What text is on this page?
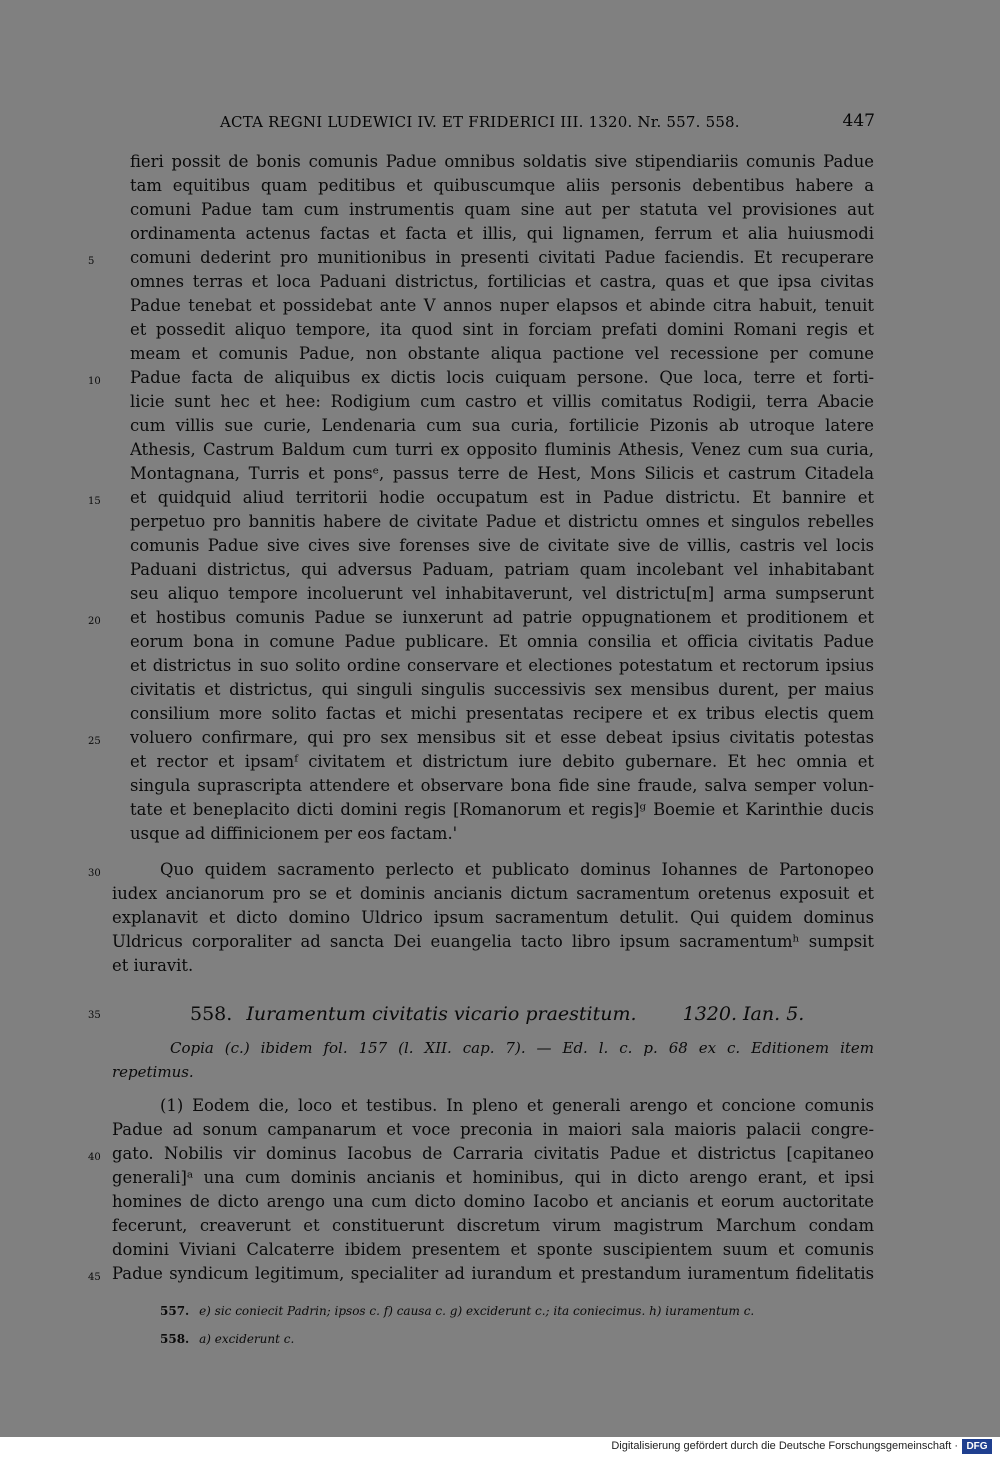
ACTA REGNI LUDEWICI IV. ET FRIDERICI III. 1320. Nr. 557. 558.	447
fieri possit de bonis comunis Padue omnibus soldatis sive stipendiariis comunis Padue
tam equitibus quam peditibus et quibuscumque aliis personis debentibus habere a
comuni Padue tam cum instrumentis quam sine aut per statuta vel provisiones aut
ordinamenta actenus factas et facta et illis, qui lignamen, ferrum et alia huiusmodi
comuni dederint pro munitionibus in presenti civitati Padue faciendis. Et recuperare
omnes terras et loca Paduani districtus, fortilicias et castra, quas et que ipsa civitas
Padue tenebat et possidebat ante V annos nuper elapsos et abinde citra habuit, tenuit
et possedit aliquo tempore, ita quod sint in forciam prefati domini Romani regis et
meam et comunis Padue, non obstante aliqua pactione vel recessione per comune
Padue facta de aliquibus ex dictis locis cuiquam persone. Que loca, terre et forti-
licie sunt hec et hee: Rodigium cum castro et villis comitatus Rodigii, terra Abacie
cum villis sue curie, Lendenaria cum sua curia, fortilicie Pizonis ab utroque latere
Athesis, Castrum Baldum cum turri ex opposito fluminis Athesis, Venez cum sua curia,
Montagnana, Turris et ponsᵉ, passus terre de Hest, Mons Silicis et castrum Citadela
et quidquid aliud territorii hodie occupatum est in Padue districtu. Et bannire et
perpetuo pro bannitis habere de civitate Padue et districtu omnes et singulos rebelles
comunis Padue sive cives sive forenses sive de civitate sive de villis, castris vel locis
Paduani districtus, qui adversus Paduam, patriam quam incolebant vel inhabitabant
seu aliquo tempore incoluerunt vel inhabitaverunt, vel districtu[m] arma sumpserunt
et hostibus comunis Padue se iunxerunt ad patrie oppugnationem et proditionem et
eorum bona in comune Padue publicare. Et omnia consilia et officia civitatis Padue
et districtus in suo solito ordine conservare et electiones potestatum et rectorum ipsius
civitatis et districtus, qui singuli singulis successivis sex mensibus durent, per maius
consilium more solito factas et michi presentatas recipere et ex tribus electis quem
voluero confirmare, qui pro sex mensibus sit et esse debeat ipsius civitatis potestas
et rector et ipsamᶠ civitatem et districtum iure debito gubernare. Et hec omnia et
singula suprascripta attendere et observare bona fide sine fraude, salva semper volun-
tate et beneplacito dicti domini regis [Romanorum et regis]ᵍ Boemie et Karinthie ducis
usque ad diffinicionem per eos factam.'
Quo quidem sacramento perlecto et publicato dominus Iohannes de Partonopeo
iudex ancianorum pro se et dominis ancianis dictum sacramentum oretenus exposuit et
explanavit et dicto domino Uldrico ipsum sacramentum detulit. Qui quidem dominus
Uldricus corporaliter ad sancta Dei euangelia tacto libro ipsum sacramentumʰ sumpsit
et iuravit.
558. Iuramentum civitatis vicario praestitum. 1320. Ian. 5.
Copia (c.) ibidem fol. 157 (l. XII. cap. 7). — Ed. l. c. p. 68 ex c. Editionem item
repetimus.
(1) Eodem die, loco et testibus. In pleno et generali arengo et concione comunis
Padue ad sonum campanarum et voce preconia in maiori sala maioris palacii congre-
gato. Nobilis vir dominus Iacobus de Carraria civitatis Padue et districtus [capitaneo
generali]ᵃ una cum dominis ancianis et hominibus, qui in dicto arengo erant, et ipsi
homines de dicto arengo una cum dicto domino Iacobo et ancianis et eorum auctoritate
fecerunt, creaverunt et constituerunt discretum virum magistrum Marchum condam
domini Viviani Calcaterre ibidem presentem et sponte suscipientem suum et comunis
Padue syndicum legitimum, specialiter ad iurandum et prestandum iuramentum fidelitatis
5
10
15
20
25
30
35
40
45
557. e) sic coniecit Padrin; ipsos c. f) causa c. g) exciderunt c.; ita coniecimus. h) iuramentum c.
558. a) exciderunt c.
Digitalisierung gefördert durch die Deutsche Forschungsgemeinschaft · DFG
